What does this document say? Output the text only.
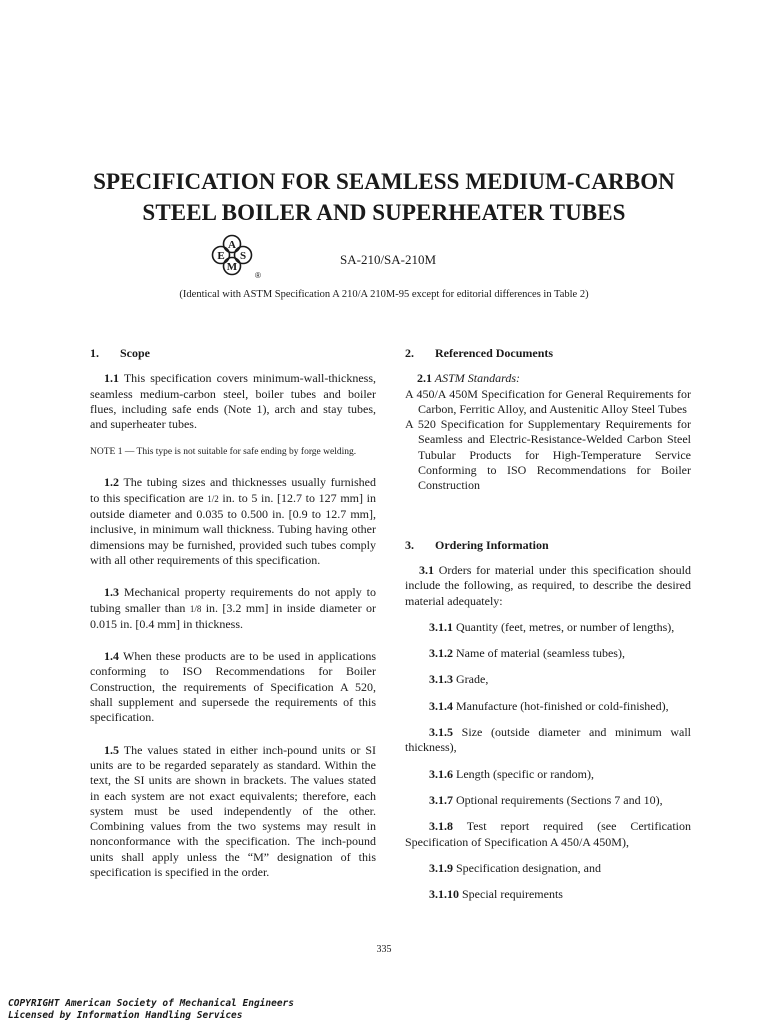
SPECIFICATION FOR SEAMLESS MEDIUM-CARBON
STEEL BOILER AND SUPERHEATER TUBES
A
E S
M
®

SA-210/SA-210M

(Identical with ASTM Specification A 210/A 210M-95 except for editorial differences in Table 2)

1. Scope

1.1 This specification covers minimum-wall-thickness, seamless medium-carbon steel, boiler tubes and boiler flues, including safe ends (Note 1), arch and stay tubes, and superheater tubes.

NOTE 1 — This type is not suitable for safe ending by forge welding.

1.2 The tubing sizes and thicknesses usually furnished to this specification are 1/2 in. to 5 in. [12.7 to 127 mm] in outside diameter and 0.035 to 0.500 in. [0.9 to 12.7 mm], inclusive, in minimum wall thickness. Tubing having other dimensions may be furnished, provided such tubes comply with all other requirements of this specification.

1.3 Mechanical property requirements do not apply to tubing smaller than 1/8 in. [3.2 mm] in inside diameter or 0.015 in. [0.4 mm] in thickness.

1.4 When these products are to be used in applications conforming to ISO Recommendations for Boiler Construction, the requirements of Specification A 520, shall supplement and supersede the requirements of this specification.

1.5 The values stated in either inch-pound units or SI units are to be regarded separately as standard. Within the text, the SI units are shown in brackets. The values stated in each system are not exact equivalents; therefore, each system must be used independently of the other. Combining values from the two systems may result in nonconformance with the specification. The inch-pound units shall apply unless the “M” designation of this specification is specified in the order.

2. Referenced Documents

2.1 ASTM Standards:

A 450/A 450M Specification for General Requirements for Carbon, Ferritic Alloy, and Austenitic Alloy Steel Tubes

A 520 Specification for Supplementary Requirements for Seamless and Electric-Resistance-Welded Carbon Steel Tubular Products for High-Temperature Service Conforming to ISO Recommendations for Boiler Construction

3. Ordering Information

3.1 Orders for material under this specification should include the following, as required, to describe the desired material adequately:

3.1.1 Quantity (feet, metres, or number of lengths),

3.1.2 Name of material (seamless tubes),

3.1.3 Grade,

3.1.4 Manufacture (hot-finished or cold-finished),

3.1.5 Size (outside diameter and minimum wall thickness),

3.1.6 Length (specific or random),

3.1.7 Optional requirements (Sections 7 and 10),

3.1.8 Test report required (see Certification Specification of Specification A 450/A 450M),

3.1.9 Specification designation, and

3.1.10 Special requirements

335

COPYRIGHT American Society of Mechanical Engineers
Licensed by Information Handling Services
